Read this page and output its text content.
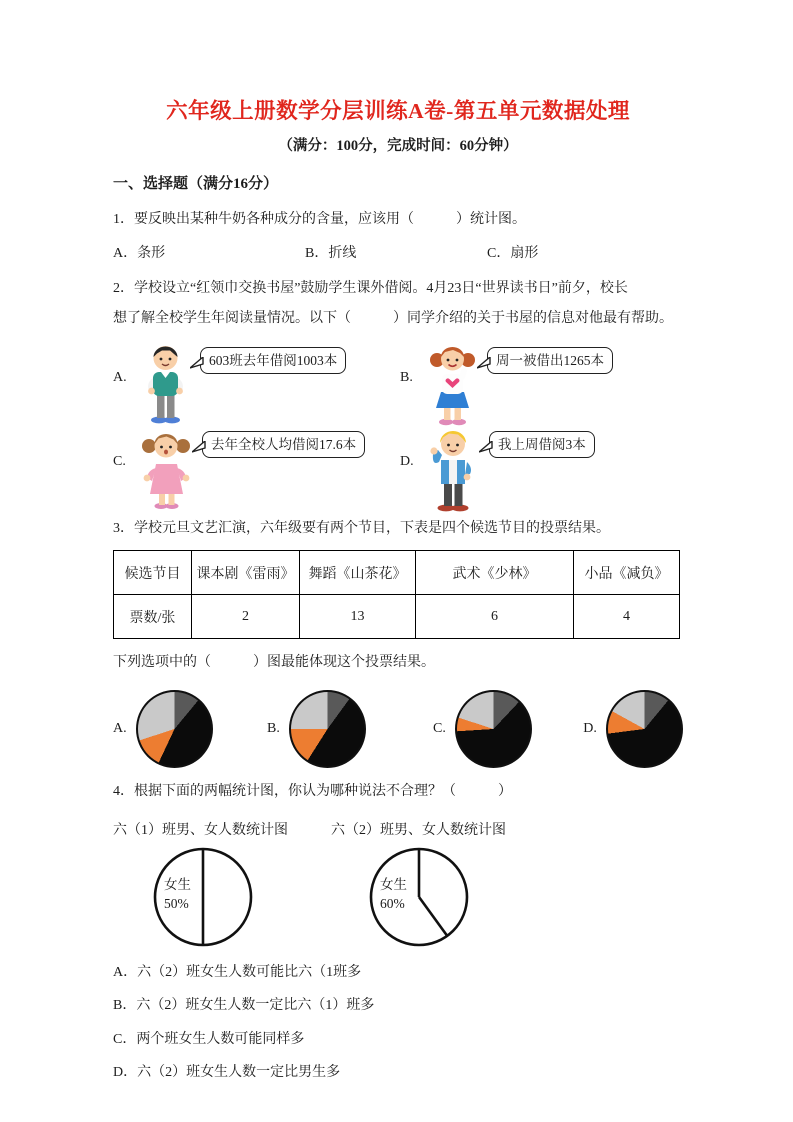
六年级上册数学分层训练A卷-第五单元数据处理
（满分：100分，完成时间：60分钟）
一、选择题（满分16分）
1．要反映出某种牛奶各种成分的含量，应该用（　　　）统计图。
A．条形	B．折线	C．扇形
2．学校设立“红领巾交换书屋”鼓励学生课外借阅。4月23日“世界读书日”前夕，校长
想了解全校学生年阅读量情况。以下（　　　）同学介绍的关于书屋的信息对他最有帮助。
A.
603班去年借阅1003本
B.
周一被借出1265本
C.
去年全校人均借阅17.6本
D.
我上周借阅3本
3．学校元旦文艺汇演，六年级要有两个节目，下表是四个候选节目的投票结果。
候选节目	课本剧《雷雨》	舞蹈《山茶花》	武术《少林》	小品《减负》
票数/张	2	13	6	4
下列选项中的（　　　）图最能体现这个投票结果。
A.	B.	C.	D.
4．根据下面的两幅统计图，你认为哪种说法不合理？（　　　）
六（1）班男、女人数统计图	六（2）班男、女人数统计图
女生
50%
女生
60%
A．六（2）班女生人数可能比六（1班多
B．六（2）班女生人数一定比六（1）班多
C．两个班女生人数可能同样多
D．六（2）班女生人数一定比男生多
